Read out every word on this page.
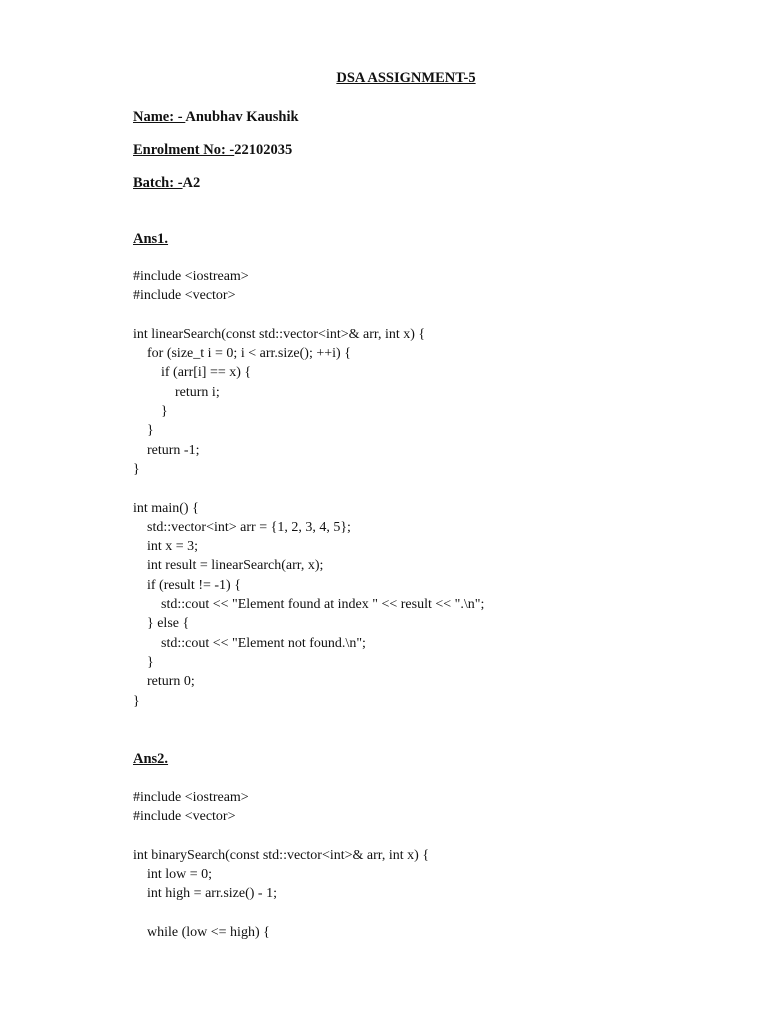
DSA ASSIGNMENT-5
Name: - Anubhav Kaushik
Enrolment No: -22102035
Batch: -A2
Ans1.
#include <iostream>
#include <vector>
int linearSearch(const std::vector<int>& arr, int x) {
for (size_t i = 0; i < arr.size(); ++i) {
if (arr[i] == x) {
return i;
}
}
return -1;
}
int main() {
std::vector<int> arr = {1, 2, 3, 4, 5};
int x = 3;
int result = linearSearch(arr, x);
if (result != -1) {
std::cout << "Element found at index " << result << ".\n";
} else {
std::cout << "Element not found.\n";
}
return 0;
}
Ans2.
#include <iostream>
#include <vector>
int binarySearch(const std::vector<int>& arr, int x) {
int low = 0;
int high = arr.size() - 1;
while (low <= high) {
